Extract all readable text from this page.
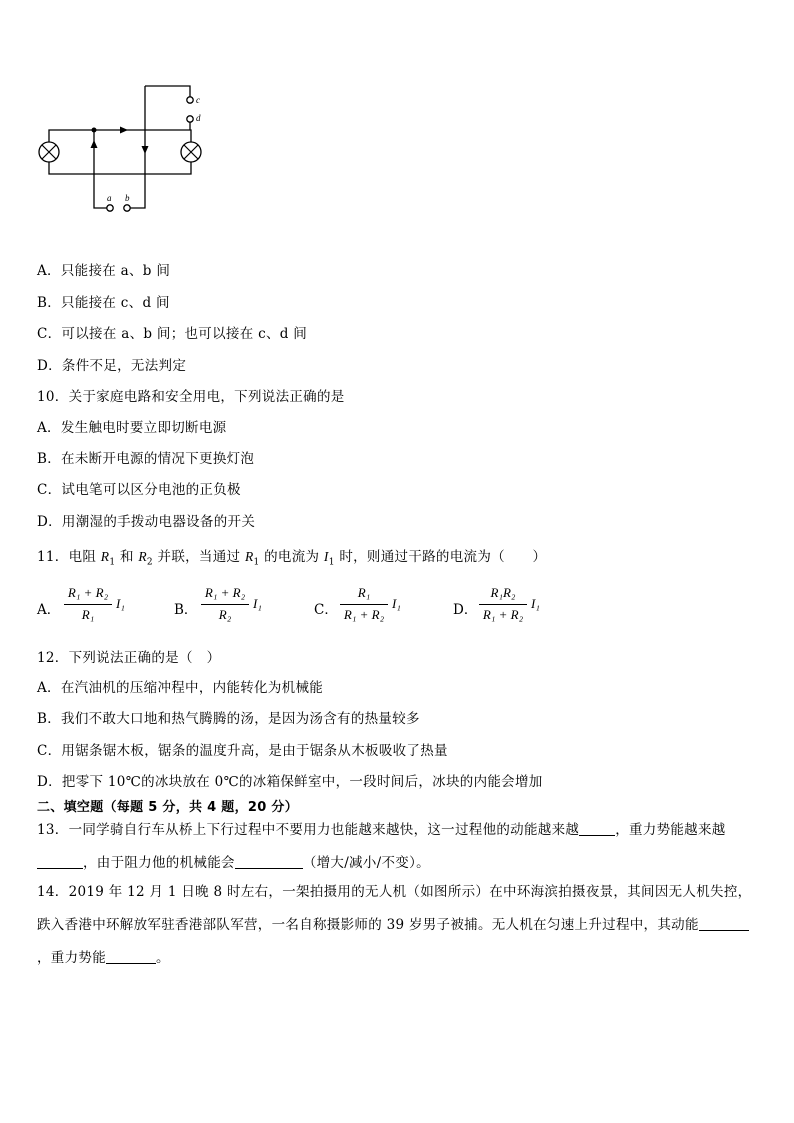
c
d
a b
A．只能接在 a、b 间
B．只能接在 c、d 间
C．可以接在 a、b 间；也可以接在 c、d 间
D．条件不足，无法判定
10．关于家庭电路和安全用电，下列说法正确的是
A．发生触电时要立即切断电源
B．在未断开电源的情况下更换灯泡
C．试电笔可以区分电池的正负极
D．用潮湿的手拨动电器设备的开关
11．电阻 $R_1$ 和 $R_2$ 并联，当通过 $R_1$ 的电流为 $I_1$ 时，则通过干路的电流为（　　）
A．
R₁ + R₂
R₁
I₁	B．
R₁ + R₂
R₂
I₁	C．
R₁
R₁ + R₂
I₁	D．
R₁R₂
R₁ + R₂
I₁
12．下列说法正确的是（　）
A．在汽油机的压缩冲程中，内能转化为机械能
B．我们不敢大口地和热气腾腾的汤，是因为汤含有的热量较多
C．用锯条锯木板，锯条的温度升高，是由于锯条从木板吸收了热量
D．把零下 10℃的冰块放在 0℃的冰箱保鲜室中，一段时间后，冰块的内能会增加
二、填空题（每题 5 分，共 4 题，20 分）
13．一同学骑自行车从桥上下行过程中不要用力也能越来越快，这一过程他的动能越来越	，重力势能越来越
，由于阻力他的机械能会	（增大/减小/不变）。
14．2019 年 12 月 1 日晚 8 时左右，一架拍摄用的无人机（如图所示）在中环海滨拍摄夜景，其间因无人机失控，跌入香港中环解放军驻香港部队军营，一名自称摄影师的 39 岁男子被捕。无人机在匀速上升过程中，其动能，重力势能	。
